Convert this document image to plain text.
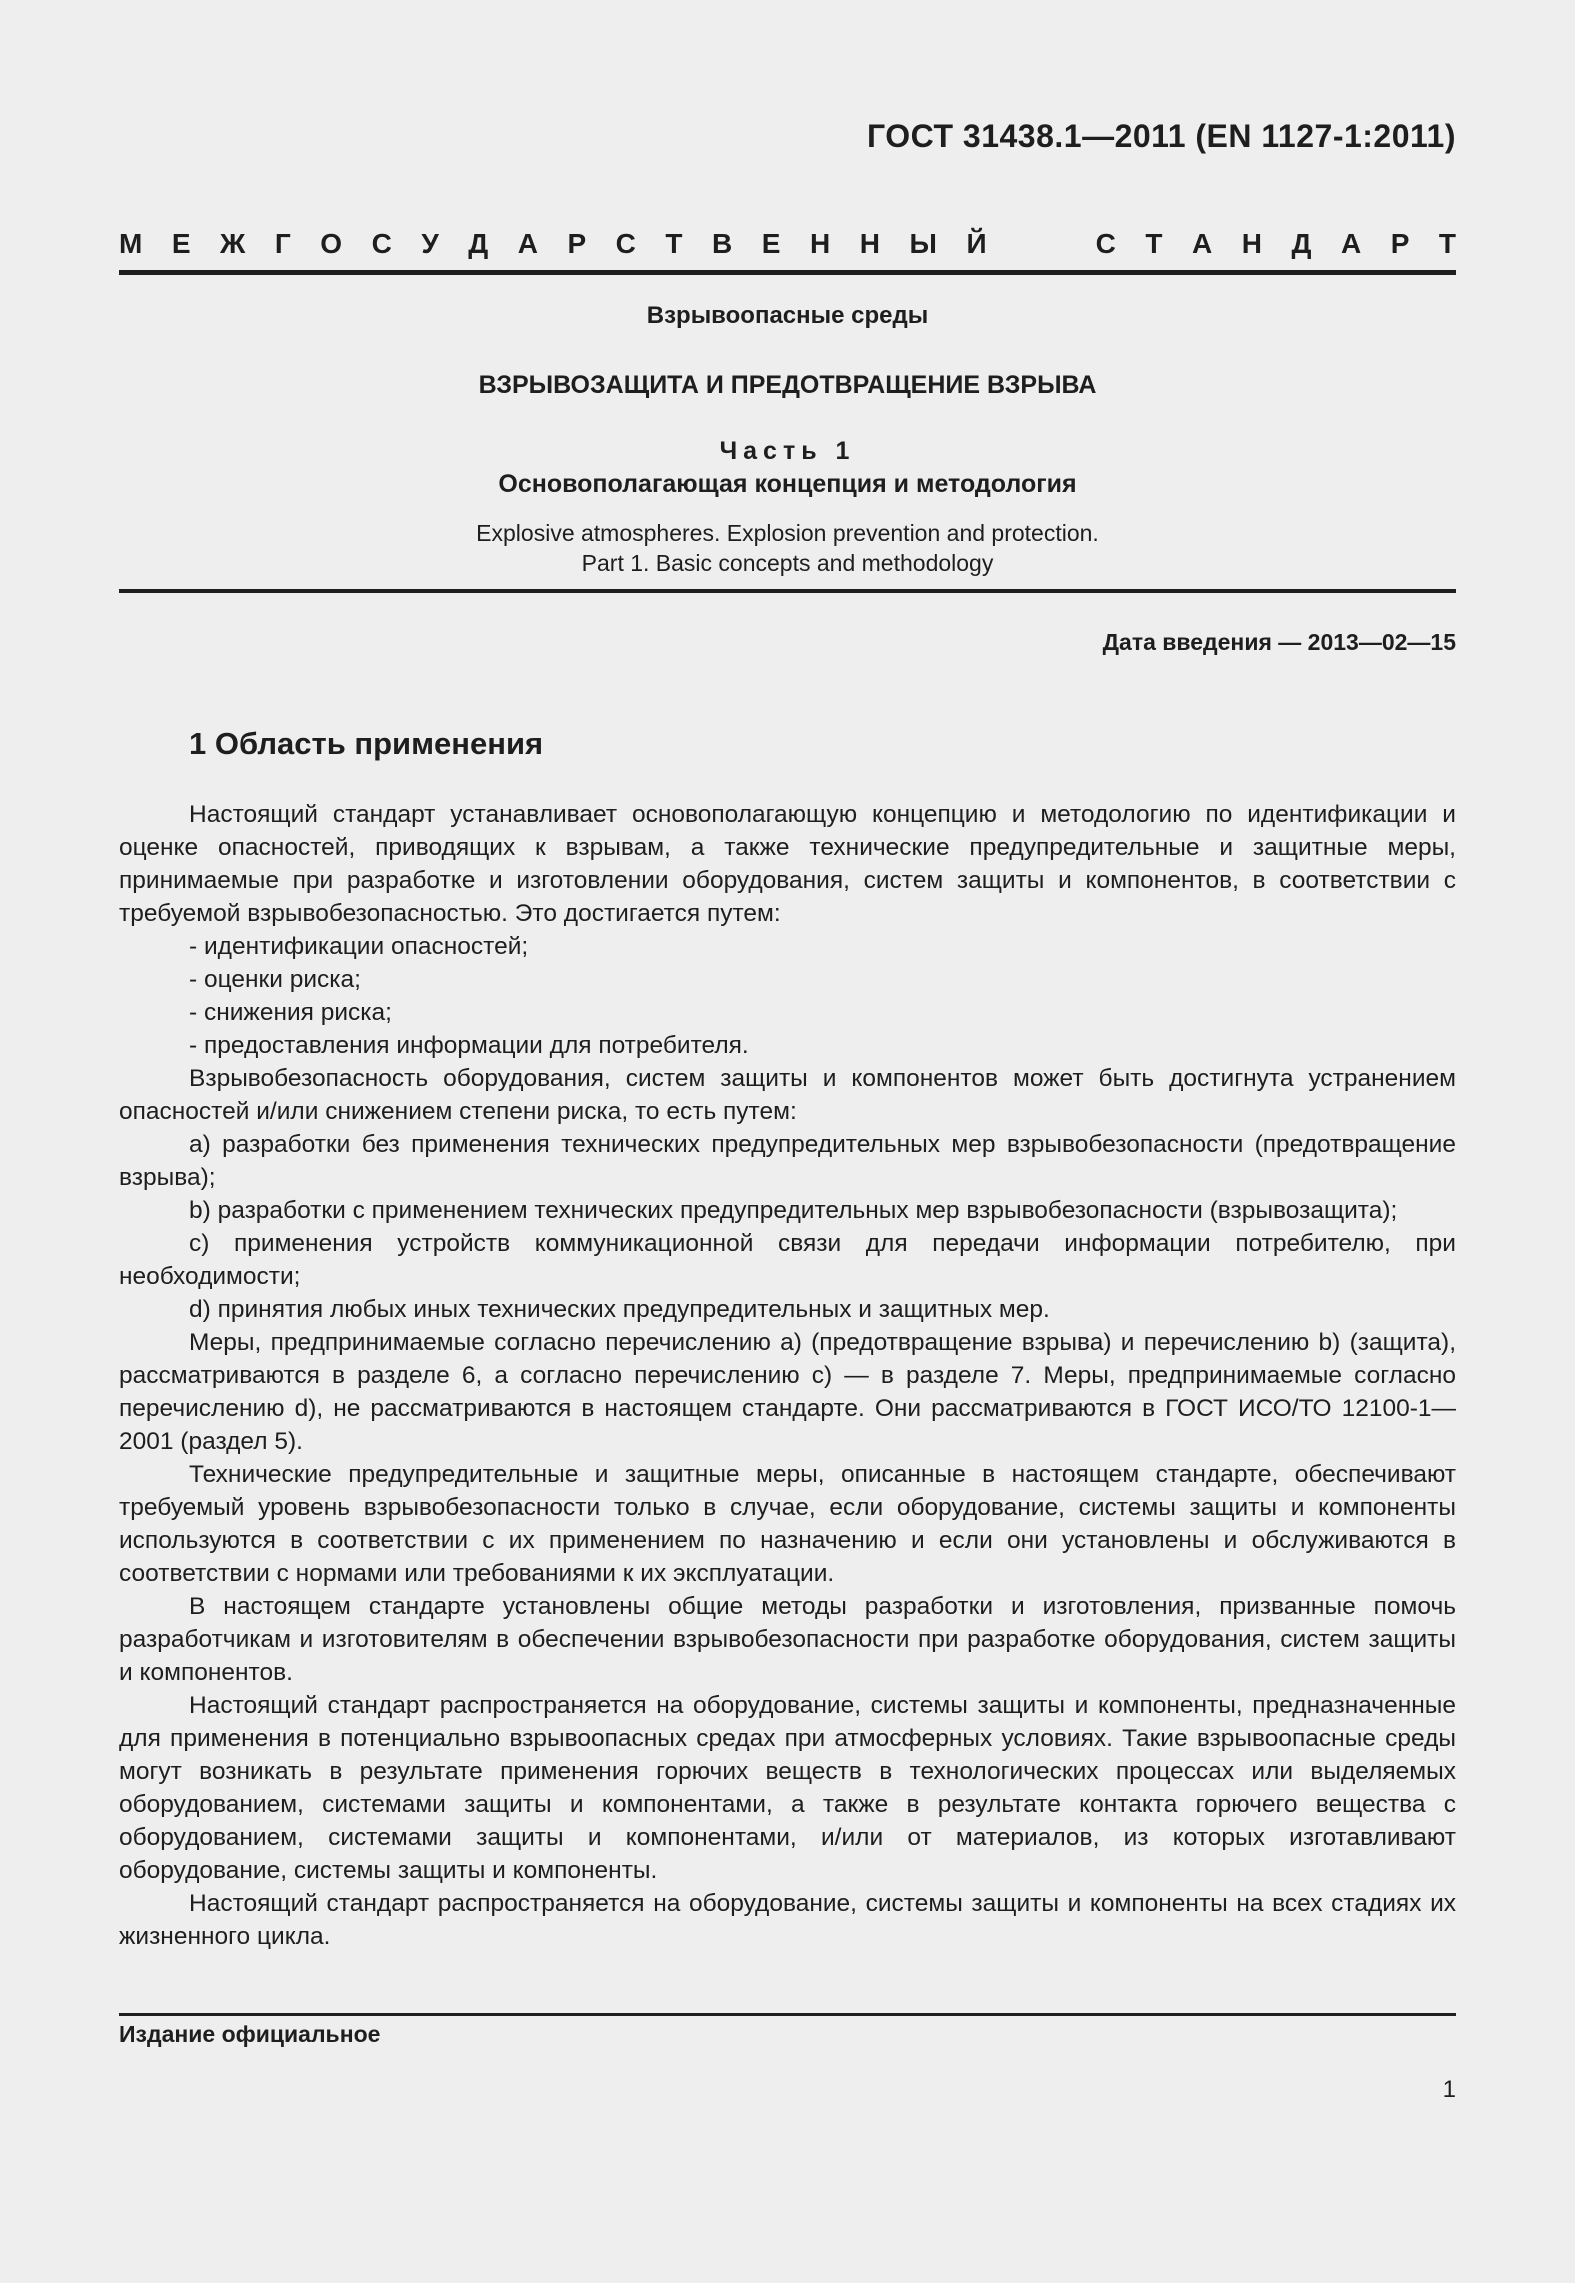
ГОСТ 31438.1—2011 (EN 1127-1:2011)
М Е Ж Г О С У Д А Р С Т В Е Н Н Ы Й	С Т А Н Д А Р Т
Взрывоопасные среды
ВЗРЫВОЗАЩИТА И ПРЕДОТВРАЩЕНИЕ ВЗРЫВА
Часть 1
Основополагающая концепция и методология
Explosive atmospheres. Explosion prevention and protection.
Part 1. Basic concepts and methodology
Дата введения — 2013—02—15
1 Область применения

Настоящий стандарт устанавливает основополагающую концепцию и методологию по идентификации и оценке опасностей, приводящих к взрывам, а также технические предупредительные и защитные меры, принимаемые при разработке и изготовлении оборудования, систем защиты и компонентов, в соответствии с требуемой взрывобезопасностью. Это достигается путем:

- идентификации опасностей;

- оценки риска;

- снижения риска;

- предоставления информации для потребителя.

Взрывобезопасность оборудования, систем защиты и компонентов может быть достигнута устранением опасностей и/или снижением степени риска, то есть путем:

а) разработки без применения технических предупредительных мер взрывобезопасности (предотвращение взрыва);

b) разработки с применением технических предупредительных мер взрывобезопасности (взрывозащита);

c) применения устройств коммуникационной связи для передачи информации потребителю, при необходимости;

d) принятия любых иных технических предупредительных и защитных мер.

Меры, предпринимаемые согласно перечислению а) (предотвращение взрыва) и перечислению b) (защита), рассматриваются в разделе 6, а согласно перечислению с) — в разделе 7. Меры, предпринимаемые согласно перечислению d), не рассматриваются в настоящем стандарте. Они рассматриваются в ГОСТ ИСО/ТО 12100-1—2001 (раздел 5).

Технические предупредительные и защитные меры, описанные в настоящем стандарте, обеспечивают требуемый уровень взрывобезопасности только в случае, если оборудование, системы защиты и компоненты используются в соответствии с их применением по назначению и если они установлены и обслуживаются в соответствии с нормами или требованиями к их эксплуатации.

В настоящем стандарте установлены общие методы разработки и изготовления, призванные помочь разработчикам и изготовителям в обеспечении взрывобезопасности при разработке оборудования, систем защиты и компонентов.

Настоящий стандарт распространяется на оборудование, системы защиты и компоненты, предназначенные для применения в потенциально взрывоопасных средах при атмосферных условиях. Такие взрывоопасные среды могут возникать в результате применения горючих веществ в технологических процессах или выделяемых оборудованием, системами защиты и компонентами, а также в результате контакта горючего вещества с оборудованием, системами защиты и компонентами, и/или от материалов, из которых изготавливают оборудование, системы защиты и компоненты.

Настоящий стандарт распространяется на оборудование, системы защиты и компоненты на всех стадиях их жизненного цикла.

Издание официальное
1
